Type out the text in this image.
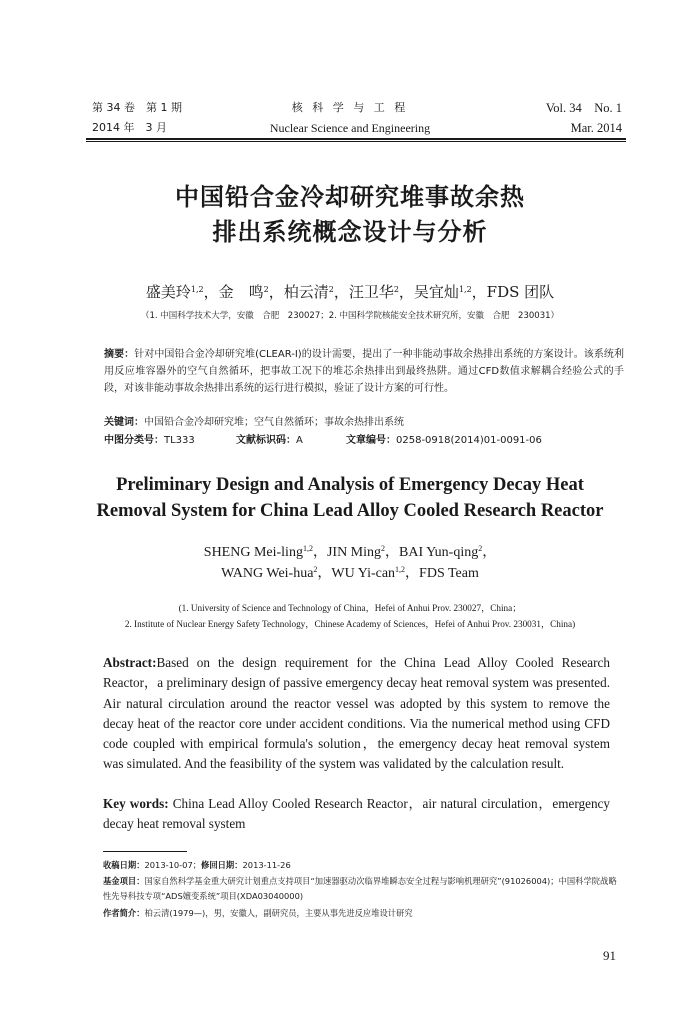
第 34 卷　第 1 期
2014 年　3 月
核 科 学 与 工 程
Nuclear Science and Engineering
Vol. 34　No. 1
Mar. 2014
中国铅合金冷却研究堆事故余热
排出系统概念设计与分析
盛美玲$^{1,2}$，金　鸣$^2$，柏云清$^2$，汪卫华$^2$，吴宜灿$^{1,2}$，FDS 团队
（1. 中国科学技术大学，安徽　合肥　230027；2. 中国科学院核能安全技术研究所，安徽　合肥　230031）
摘要：针对中国铅合金冷却研究堆(CLEAR-I)的设计需要，提出了一种非能动事故余热排出系统的方案设计。该系统利用反应堆容器外的空气自然循环，把事故工况下的堆芯余热排出到最终热阱。通过CFD数值求解耦合经验公式的手段，对该非能动事故余热排出系统的运行进行模拟，验证了设计方案的可行性。
关键词：中国铅合金冷却研究堆；空气自然循环；事故余热排出系统
中图分类号：TL333	文献标识码：A	文章编号：0258-0918(2014)01-0091-06
Preliminary Design and Analysis of Emergency Decay Heat
Removal System for China Lead Alloy Cooled Research Reactor
SHENG Mei-ling$^{1,2}$，JIN Ming$^2$，BAI Yun-qing$^2$，
WANG Wei-hua$^2$，WU Yi-can$^{1,2}$，FDS Team
(1. University of Science and Technology of China，Hefei of Anhui Prov. 230027，China；
2. Institute of Nuclear Energy Safety Technology，Chinese Academy of Sciences，Hefei of Anhui Prov. 230031，China)
Abstract:Based on the design requirement for the China Lead Alloy Cooled Research Reactor，a preliminary design of passive emergency decay heat removal system was presented. Air natural circulation around the reactor vessel was adopted by this system to remove the decay heat of the reactor core under accident conditions. Via the numerical method using CFD code coupled with empirical formula's solution，the emergency decay heat removal system was simulated. And the feasibility of the system was validated by the calculation result.
Key words: China Lead Alloy Cooled Research Reactor，air natural circulation，emergency decay heat removal system
收稿日期：2013-10-07；修回日期：2013-11-26
基金项目：国家自然科学基金重大研究计划重点支持项目“加速器驱动次临界堆瞬态安全过程与影响机理研究”(91026004)；中国科学院战略性先导科技专项“ADS嬗变系统”项目(XDA03040000)
作者简介：柏云清(1979—)，男，安徽人，副研究员，主要从事先进反应堆设计研究
91
